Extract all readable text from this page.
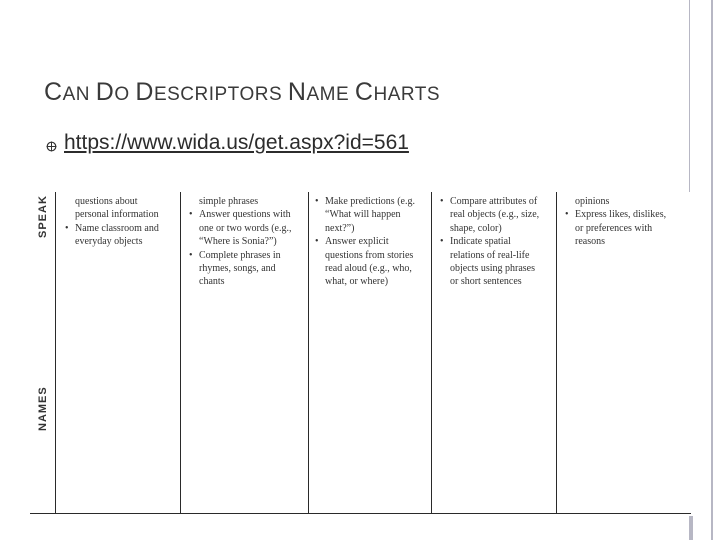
CAN DO DESCRIPTORS NAME CHARTS
https://www.wida.us/get.aspx?id=561
SPEAK
NAMES
questions about
personal information
• Name classroom and
everyday objects
simple phrases
• Answer questions with
one or two words (e.g.,
“Where is Sonia?”)
• Complete phrases in
rhymes, songs, and
chants
• Make predictions (e.g.
“What will happen
next?”)
• Answer explicit
questions from stories
read aloud (e.g., who,
what, or where)
• Compare attributes of
real objects (e.g., size,
shape, color)
• Indicate spatial
relations of real-life
objects using phrases
or short sentences
opinions
• Express likes, dislikes,
or preferences with
reasons
